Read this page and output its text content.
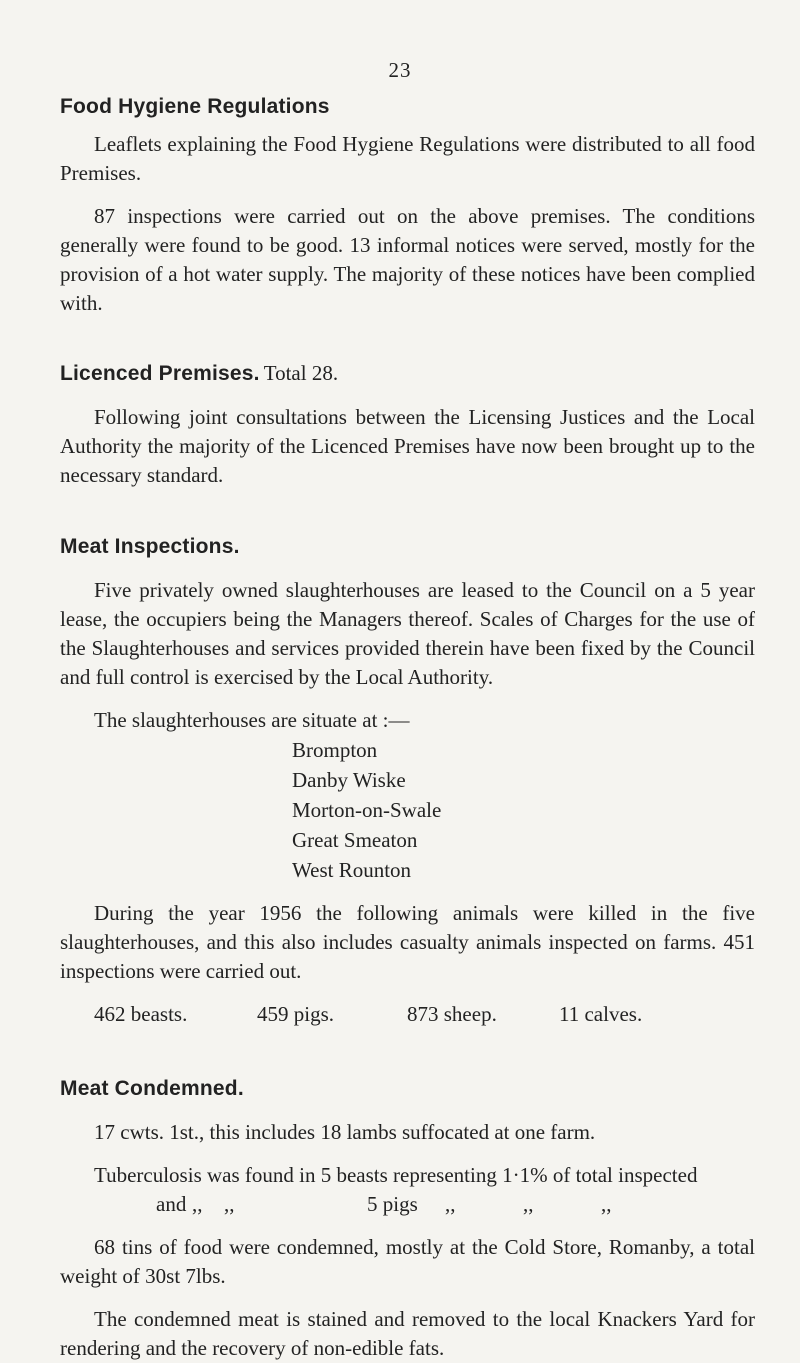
23
Food Hygiene Regulations

Leaflets explaining the Food Hygiene Regulations were distributed to all food Premises.

87 inspections were carried out on the above premises. The conditions generally were found to be good. 13 informal notices were served, mostly for the provision of a hot water supply. The majority of these notices have been complied with.

Licenced Premises. Total 28.

Following joint consultations between the Licensing Justices and the Local Authority the majority of the Licenced Premises have now been brought up to the necessary standard.

Meat Inspections.

Five privately owned slaughterhouses are leased to the Council on a 5 year lease, the occupiers being the Managers thereof. Scales of Charges for the use of the Slaughterhouses and services provided therein have been fixed by the Council and full control is exercised by the Local Authority.

The slaughterhouses are situate at :—

Brompton
Danby Wiske
Morton-on-Swale
Great Smeaton
West Rounton

During the year 1956 the following animals were killed in the five slaughterhouses, and this also includes casualty animals inspected on farms. 451 inspections were carried out.

462 beasts.	459 pigs.	873 sheep.	11 calves.
Meat Condemned.

17 cwts. 1st., this includes 18 lambs suffocated at one farm.

Tuberculosis was found in 5 beasts representing 1·1% of total inspected
and ,, ,,	5 pigs ,,	,,	,,

68 tins of food were condemned, mostly at the Cold Store, Romanby, a total weight of 30st 7lbs.

The condemned meat is stained and removed to the local Knackers Yard for rendering and the recovery of non-edible fats.
